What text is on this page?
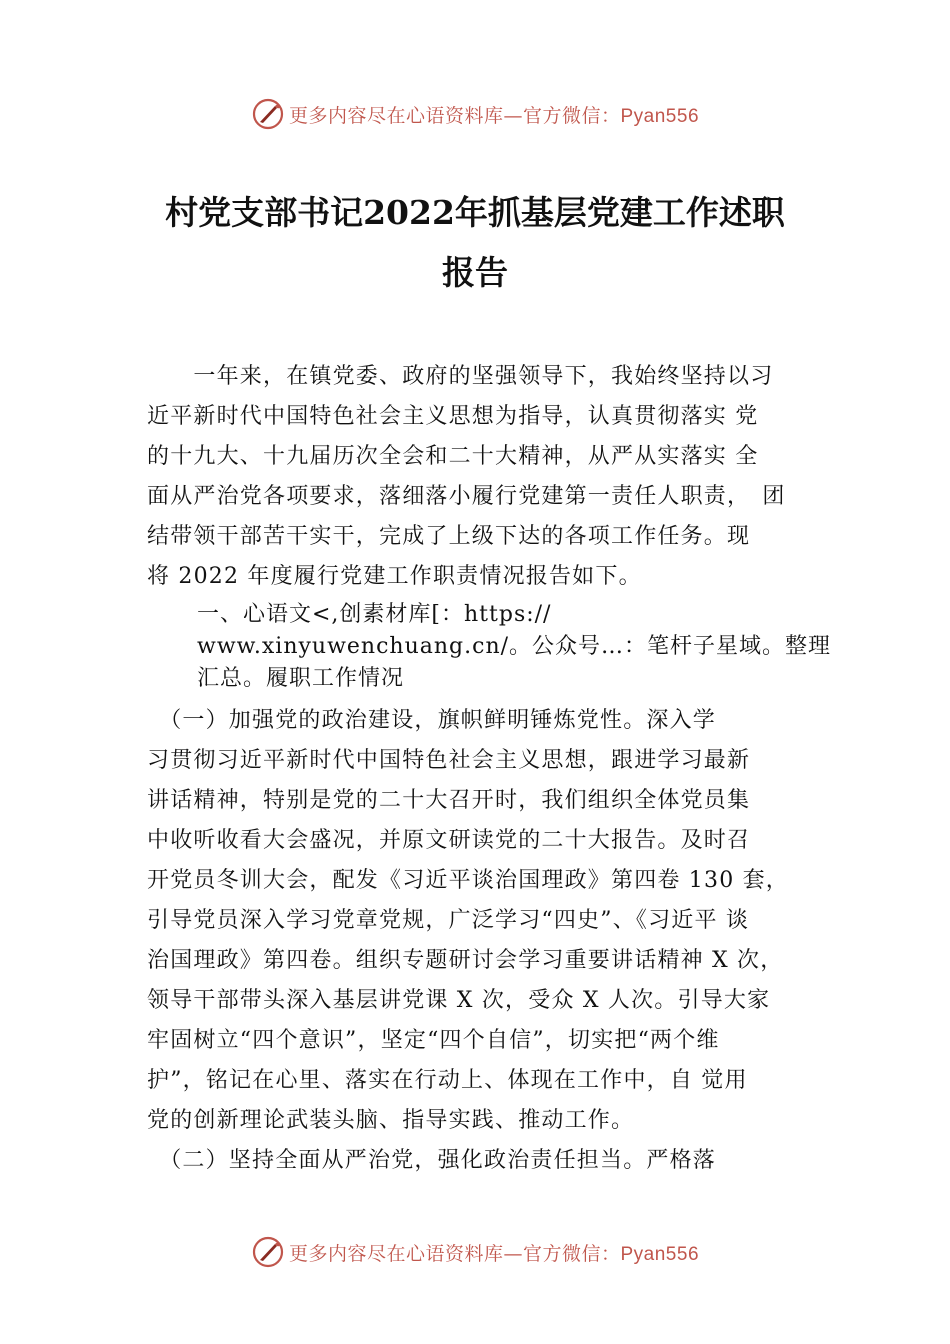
更多内容尽在心语资料库—官方微信：Pyan556
村党支部书记2022年抓基层党建工作述职
报告
　　一年来，在镇党委、政府的坚强领导下，我始终坚持以习
近平新时代中国特色社会主义思想为指导，认真贯彻落实 党
的十九大、十九届历次全会和二十大精神，从严从实落实 全
面从严治党各项要求，落细落小履行党建第一责任人职责，　团
结带领干部苦干实干，完成了上级下达的各项工作任务。现
将 2022 年度履行党建工作职责情况报告如下。
一、心语文<,创素材库[：https://
www.xinyuwenchuang.cn/。公众号…：笔杆子星域。整理
汇总。履职工作情况
　（一）加强党的政治建设，旗帜鲜明锤炼党性。深入学
习贯彻习近平新时代中国特色社会主义思想，跟进学习最新
讲话精神，特别是党的二十大召开时，我们组织全体党员集
中收听收看大会盛况，并原文研读党的二十大报告。及时召
开党员冬训大会，配发《习近平谈治国理政》第四卷 130 套，
引导党员深入学习党章党规，广泛学习“四史”、《习近平 谈
治国理政》第四卷。组织专题研讨会学习重要讲话精神 X 次，
领导干部带头深入基层讲党课 X 次，受众 X 人次。引导大家
牢固树立“四个意识”，坚定“四个自信”，切实把“两个维
护”，铭记在心里、落实在行动上、体现在工作中，自 觉用
党的创新理论武装头脑、指导实践、推动工作。
　（二）坚持全面从严治党，强化政治责任担当。严格落
更多内容尽在心语资料库—官方微信：Pyan556
